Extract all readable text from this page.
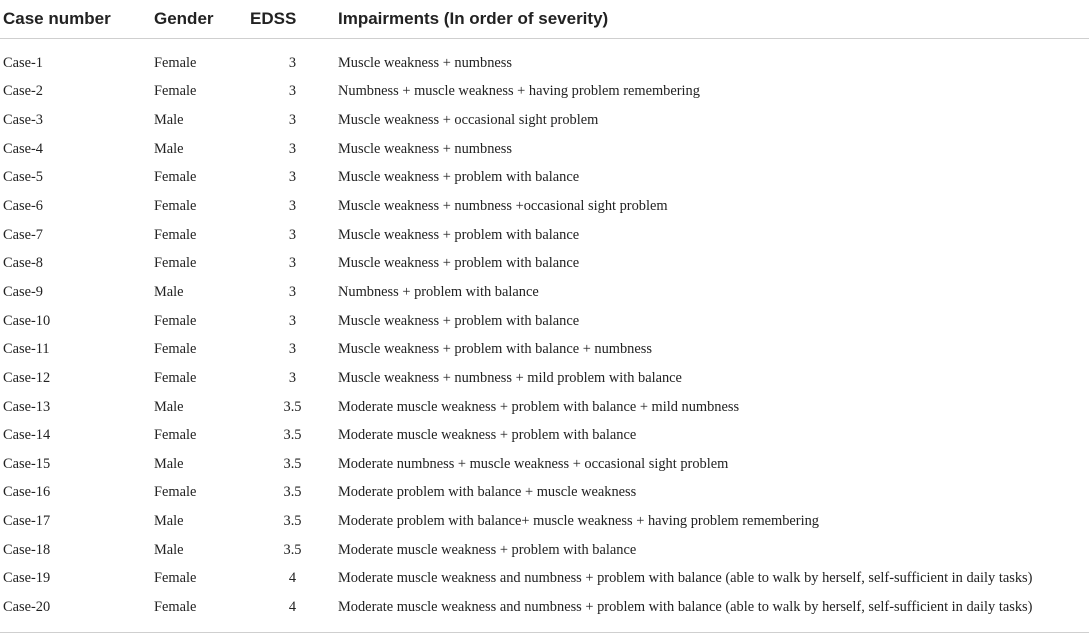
Case number	Gender	EDSS	Impairments (In order of severity)

Case-1	Female	3	Muscle weakness + numbness
Case-2	Female	3	Numbness + muscle weakness + having problem remembering
Case-3	Male	3	Muscle weakness + occasional sight problem
Case-4	Male	3	Muscle weakness + numbness
Case-5	Female	3	Muscle weakness + problem with balance
Case-6	Female	3	Muscle weakness + numbness +occasional sight problem
Case-7	Female	3	Muscle weakness + problem with balance
Case-8	Female	3	Muscle weakness + problem with balance
Case-9	Male	3	Numbness + problem with balance
Case-10	Female	3	Muscle weakness + problem with balance
Case-11	Female	3	Muscle weakness + problem with balance + numbness
Case-12	Female	3	Muscle weakness + numbness + mild problem with balance
Case-13	Male	3.5	Moderate muscle weakness + problem with balance + mild numbness
Case-14	Female	3.5	Moderate muscle weakness + problem with balance
Case-15	Male	3.5	Moderate numbness + muscle weakness + occasional sight problem
Case-16	Female	3.5	Moderate problem with balance + muscle weakness
Case-17	Male	3.5	Moderate problem with balance+ muscle weakness + having problem remembering
Case-18	Male	3.5	Moderate muscle weakness + problem with balance
Case-19	Female	4	Moderate muscle weakness and numbness + problem with balance (able to walk by herself, self-sufficient in daily tasks)
Case-20	Female	4	Moderate muscle weakness and numbness + problem with balance (able to walk by herself, self-sufficient in daily tasks)
